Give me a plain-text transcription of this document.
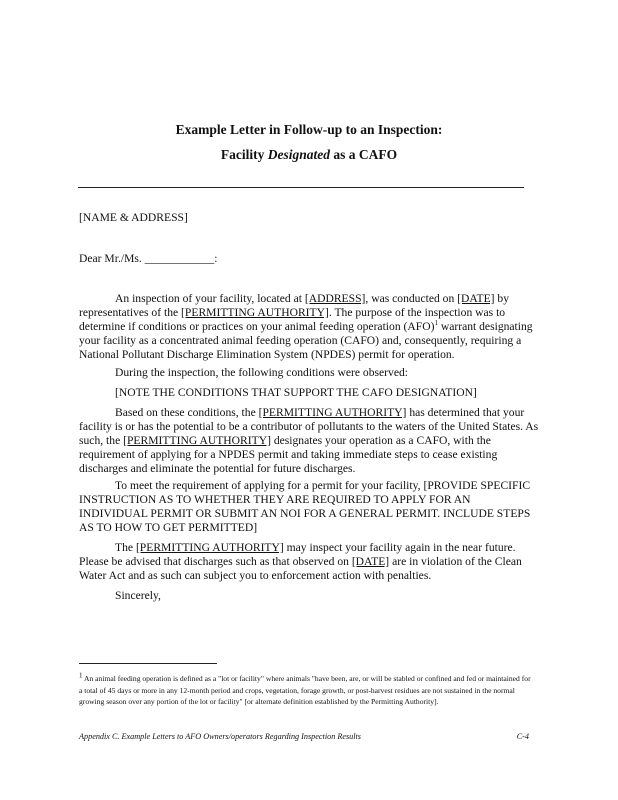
Example Letter in Follow-up to an Inspection:
Facility Designated as a CAFO
[NAME & ADDRESS]
Dear Mr./Ms. ____________:

An inspection of your facility, located at [ADDRESS], was conducted on [DATE] by representatives of the [PERMITTING AUTHORITY]. The purpose of the inspection was to determine if conditions or practices on your animal feeding operation (AFO)$^1$ warrant designating your facility as a concentrated animal feeding operation (CAFO) and, consequently, requiring a National Pollutant Discharge Elimination System (NPDES) permit for operation.

During the inspection, the following conditions were observed:

[NOTE THE CONDITIONS THAT SUPPORT THE CAFO DESIGNATION]

Based on these conditions, the [PERMITTING AUTHORITY] has determined that your facility is or has the potential to be a contributor of pollutants to the waters of the United States. As such, the [PERMITTING AUTHORITY] designates your operation as a CAFO, with the requirement of applying for a NPDES permit and taking immediate steps to cease existing discharges and eliminate the potential for future discharges.

To meet the requirement of applying for a permit for your facility, [PROVIDE SPECIFIC INSTRUCTION AS TO WHETHER THEY ARE REQUIRED TO APPLY FOR AN INDIVIDUAL PERMIT OR SUBMIT AN NOI FOR A GENERAL PERMIT. INCLUDE STEPS AS TO HOW TO GET PERMITTED]

The [PERMITTING AUTHORITY] may inspect your facility again in the near future. Please be advised that discharges such as that observed on [DATE] are in violation of the Clean Water Act and as such can subject you to enforcement action with penalties.

Sincerely,

1 An animal feeding operation is defined as a "lot or facility" where animals "have been, are, or will be stabled or confined and fed or maintained for a total of 45 days or more in any 12-month period and crops, vegetation, forage growth, or post-harvest residues are not sustained in the normal growing season over any portion of the lot or facility" [or alternate definition established by the Permitting Authority].
Appendix C. Example Letters to AFO Owners/operators Regarding Inspection Results	C-4
